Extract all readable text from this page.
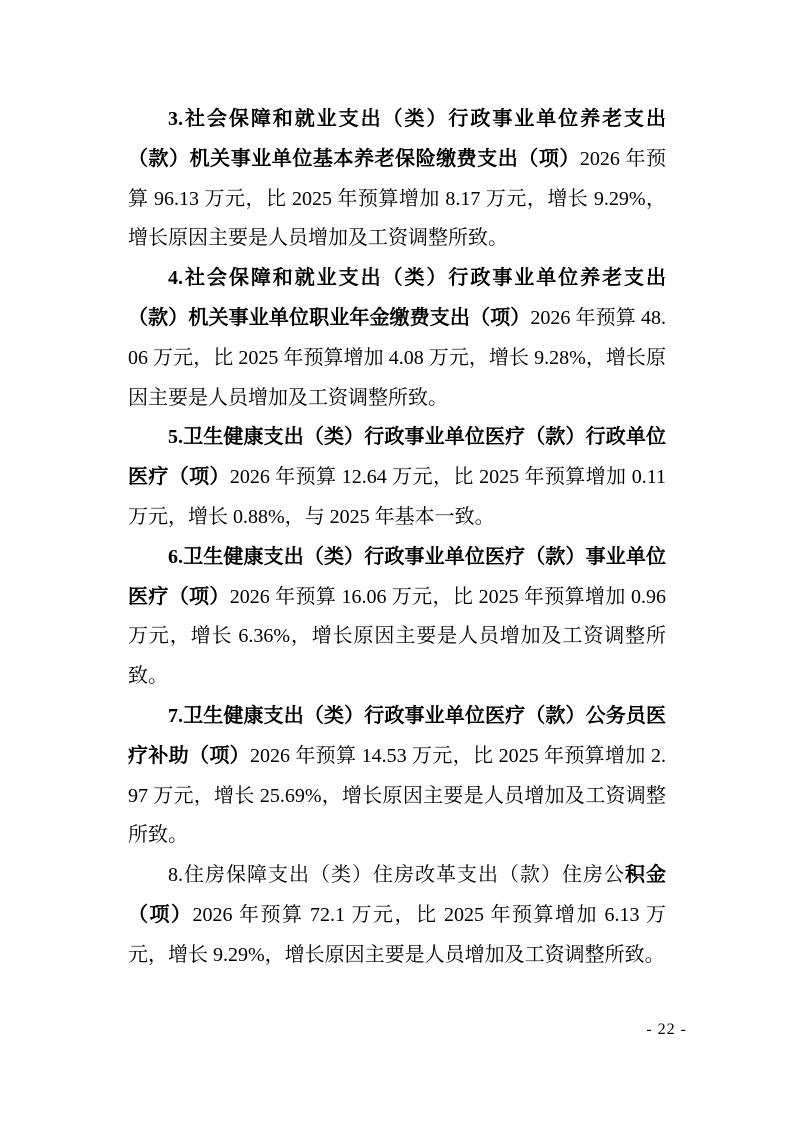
3.社会保障和就业支出（类）行政事业单位养老支出（款）机关事业单位基本养老保险缴费支出（项）2026 年预算 96.13 万元，比 2025 年预算增加 8.17 万元，增长 9.29%，增长原因主要是人员增加及工资调整所致。

4.社会保障和就业支出（类）行政事业单位养老支出（款）机关事业单位职业年金缴费支出（项）2026 年预算 48.06 万元，比 2025 年预算增加 4.08 万元，增长 9.28%，增长原因主要是人员增加及工资调整所致。

5.卫生健康支出（类）行政事业单位医疗（款）行政单位医疗（项）2026 年预算 12.64 万元，比 2025 年预算增加 0.11 万元，增长 0.88%，与 2025 年基本一致。

6.卫生健康支出（类）行政事业单位医疗（款）事业单位医疗（项）2026 年预算 16.06 万元，比 2025 年预算增加 0.96 万元，增长 6.36%，增长原因主要是人员增加及工资调整所致。

7.卫生健康支出（类）行政事业单位医疗（款）公务员医疗补助（项）2026 年预算 14.53 万元，比 2025 年预算增加 2.97 万元，增长 25.69%，增长原因主要是人员增加及工资调整所致。

8.住房保障支出（类）住房改革支出（款）住房公积金（项）2026 年预算 72.1 万元，比 2025 年预算增加 6.13 万元，增长 9.29%，增长原因主要是人员增加及工资调整所致。

- 22 -
